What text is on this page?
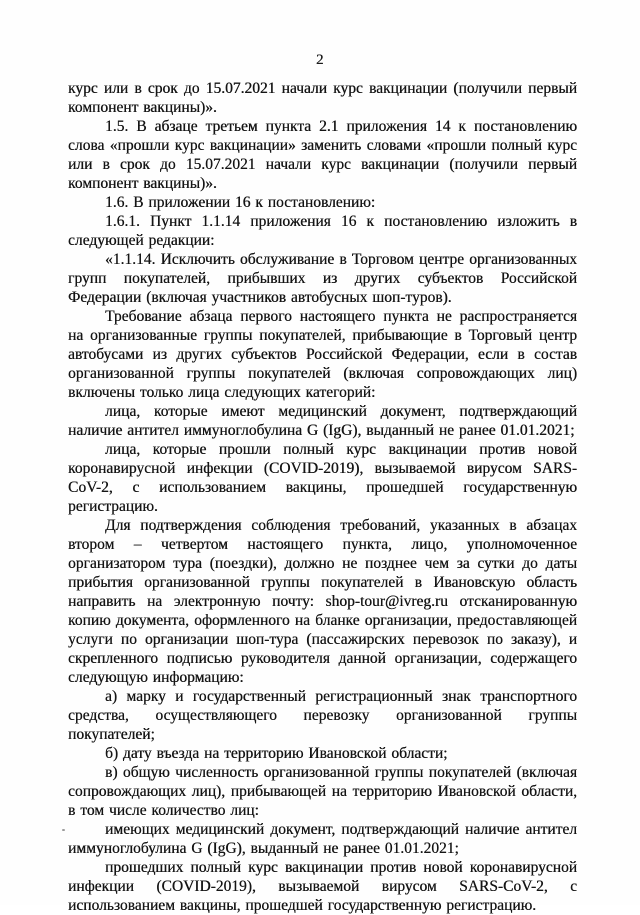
2

курс или в срок до 15.07.2021 начали курс вакцинации (получили первый компонент вакцины)».

1.5. В абзаце третьем пункта 2.1 приложения 14 к постановлению слова «прошли курс вакцинации» заменить словами «прошли полный курс или в срок до 15.07.2021 начали курс вакцинации (получили первый компонент вакцины)».

1.6. В приложении 16 к постановлению:

1.6.1. Пункт 1.1.14 приложения 16 к постановлению изложить в следующей редакции:

«1.1.14. Исключить обслуживание в Торговом центре организованных групп покупателей, прибывших из других субъектов Российской Федерации (включая участников автобусных шоп-туров).

Требование абзаца первого настоящего пункта не распространяется на организованные группы покупателей, прибывающие в Торговый центр автобусами из других субъектов Российской Федерации, если в состав организованной группы покупателей (включая сопровождающих лиц) включены только лица следующих категорий:

лица, которые имеют медицинский документ, подтверждающий наличие антител иммуноглобулина G (IgG), выданный не ранее 01.01.2021;

лица, которые прошли полный курс вакцинации против новой коронавирусной инфекции (COVID-2019), вызываемой вирусом SARS-CoV-2, с использованием вакцины, прошедшей государственную регистрацию.

Для подтверждения соблюдения требований, указанных в абзацах втором – четвертом настоящего пункта, лицо, уполномоченное организатором тура (поездки), должно не позднее чем за сутки до даты прибытия организованной группы покупателей в Ивановскую область направить на электронную почту: shop-tour@ivreg.ru отсканированную копию документа, оформленного на бланке организации, предоставляющей услуги по организации шоп-тура (пассажирских перевозок по заказу), и скрепленного подписью руководителя данной организации, содержащего следующую информацию:

а) марку и государственный регистрационный знак транспортного средства, осуществляющего перевозку организованной группы покупателей;

б) дату въезда на территорию Ивановской области;

в) общую численность организованной группы покупателей (включая сопровождающих лиц), прибывающей на территорию Ивановской области, в том числе количество лиц:

имеющих медицинский документ, подтверждающий наличие антител иммуноглобулина G (IgG), выданный не ранее 01.01.2021;

прошедших полный курс вакцинации против новой коронавирусной инфекции (COVID-2019), вызываемой вирусом SARS-CoV-2, с использованием вакцины, прошедшей государственную регистрацию.
